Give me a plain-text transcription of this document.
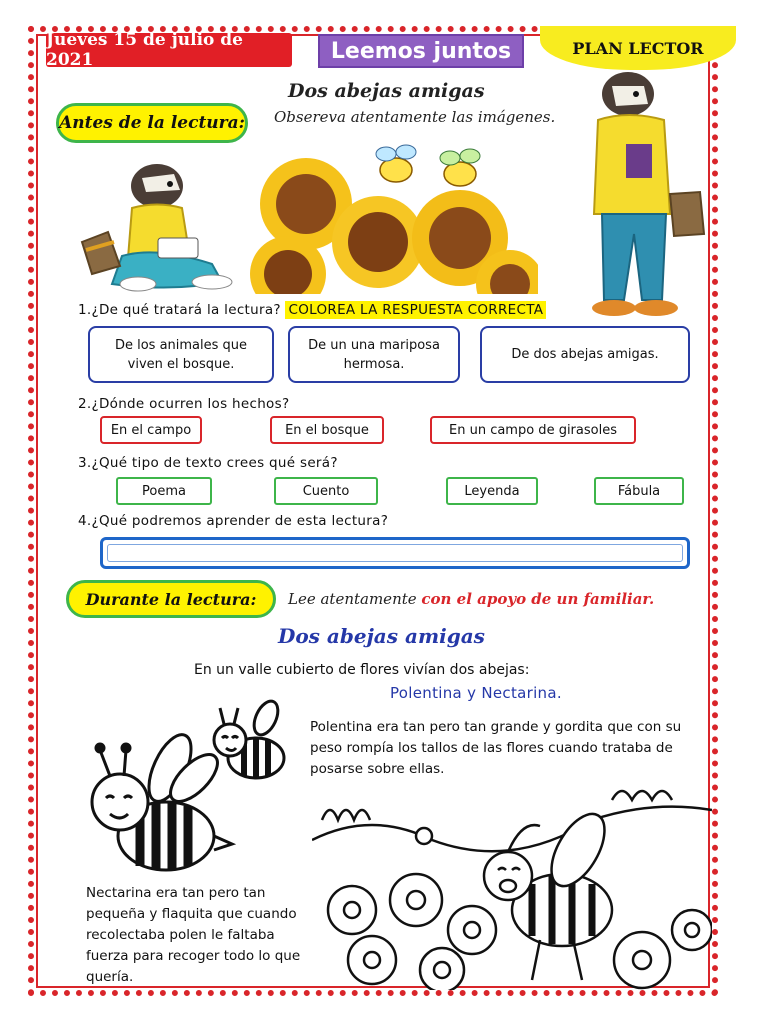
Jueves 15 de julio de 2021	Leemos juntos	PLAN LECTOR
Dos abejas amigas
Antes de la lectura: Obsereva atentamente las imágenes.
1.¿De qué tratará la lectura? COLOREA LA RESPUESTA CORRECTA
De los animales que viven el bosque.
De un una mariposa hermosa.
De dos abejas amigas.
2.¿Dónde ocurren los hechos?
En el campo	En el bosque	En un campo de girasoles
3.¿Qué tipo de texto crees qué será?
Poema	Cuento	Leyenda	Fábula
4.¿Qué podremos aprender de esta lectura?
Durante la lectura: Lee atentamente con el apoyo de un familiar.
Dos abejas amigas
En un valle cubierto de flores vivían dos abejas:
Polentina y Nectarina.
Polentina era tan pero tan grande y gordita que con su peso rompía los tallos de las flores cuando trataba de posarse sobre ellas.
Nectarina era tan pero tan pequeña y flaquita que cuando recolectaba polen le faltaba fuerza para recoger todo lo que quería.
